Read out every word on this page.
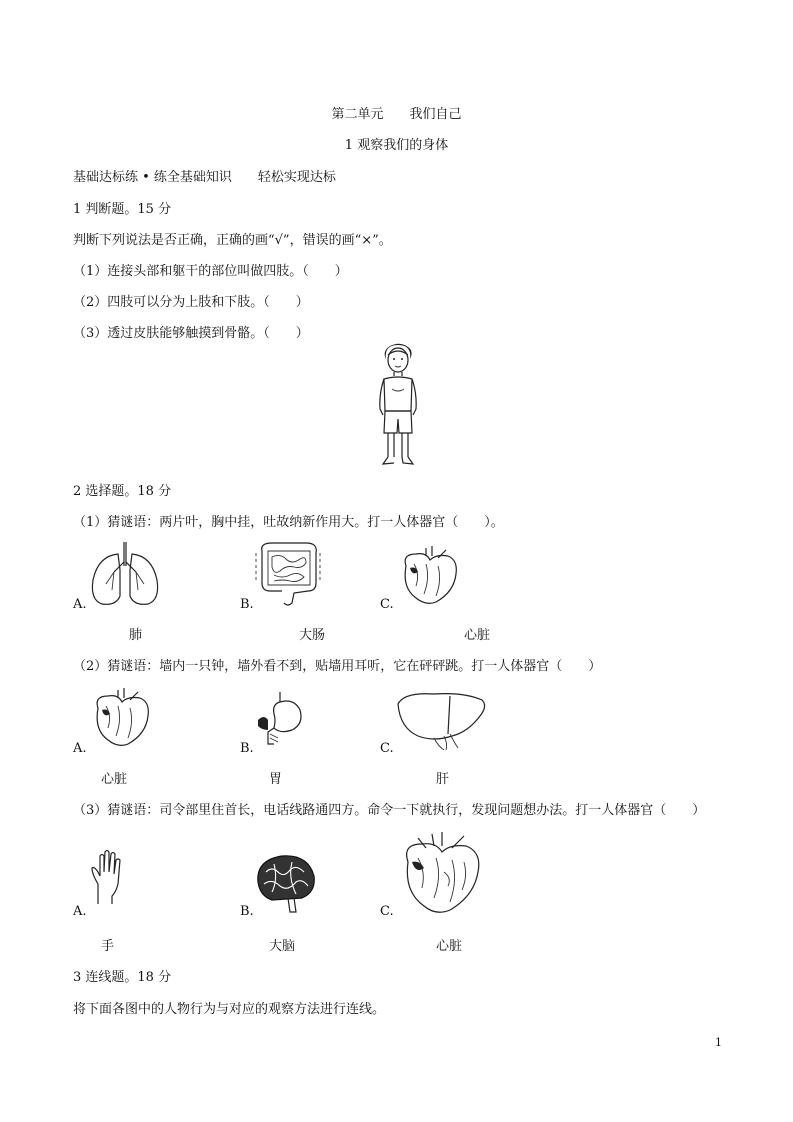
第二单元　　我们自己
1 观察我们的身体
基础达标练 • 练全基础知识　　轻松实现达标
1 判断题。15 分
判断下列说法是否正确，正确的画“√”，错误的画“×”。
（1）连接头部和躯干的部位叫做四肢。（　　）
（2）四肢可以分为上肢和下肢。（　　）
（3）透过皮肤能够触摸到骨骼。（　　）
2 选择题。18 分
（1）猜谜语：两片叶，胸中挂，吐故纳新作用大。打一人体器官（　　）。
A.
肺
B.
大肠
C.
心脏
（2）猜谜语：墙内一只钟，墙外看不到，贴墙用耳听，它在砰砰跳。打一人体器官（　　）
A.
心脏
B.
胃
C.
肝
（3）猜谜语：司令部里住首长，电话线路通四方。命令一下就执行，发现问题想办法。打一人体器官（　　）
A.
手
B.
大脑
C.
心脏
3 连线题。18 分
将下面各图中的人物行为与对应的观察方法进行连线。
1
